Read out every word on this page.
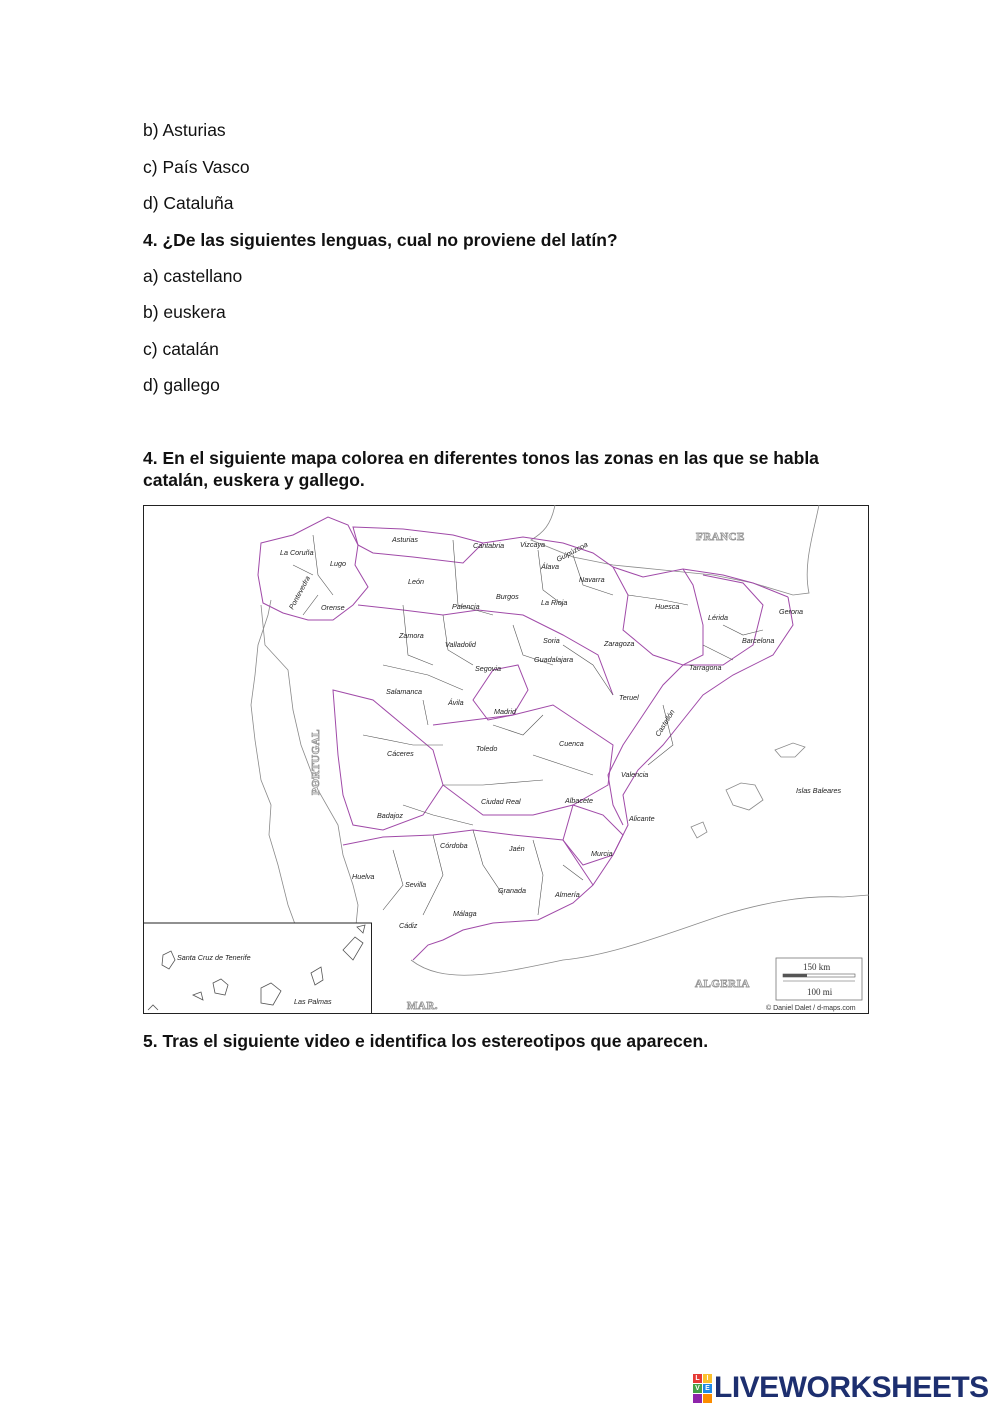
b) Asturias
c) País Vasco
d) Cataluña
4. ¿De las siguientes lenguas, cual no proviene del latín?
a) castellano
b) euskera
c) catalán
d) gallego
4. En el siguiente mapa colorea en diferentes tonos las zonas en las que se habla catalán, euskera y gallego.
La Coruña
Lugo
Pontevedra Orense
Asturias
Cantabria Vizcaya Guipúzcoa
Álava
Navarra
León
Burgos
Palencia	La Rioja	Huesca
Lérida
Gerona
Zamora
Valladolid	Soria	Zaragoza	Barcelona
Tarragona
Segovia
Salamanca
Guadalajara
Ávila
Madrid
Teruel
Castellón
Cáceres
Toledo
Cuenca
Valencia
Islas Baleares
Ciudad Real	Albacete
Badajoz	Alicante
Córdoba	Jaén
Murcia
Huelva
Sevilla
Granada	Almería
Málaga
Cádiz
Santa Cruz de Tenerife
Las Palmas
FRANCE
PORTUGAL
ALGERIA
MAR.
150 km
100 mi
© Daniel Dalet / d-maps.com
5. Tras el siguiente video e identifica los estereotipos que aparecen.
L I
V E LIVEWORKSHEETS
